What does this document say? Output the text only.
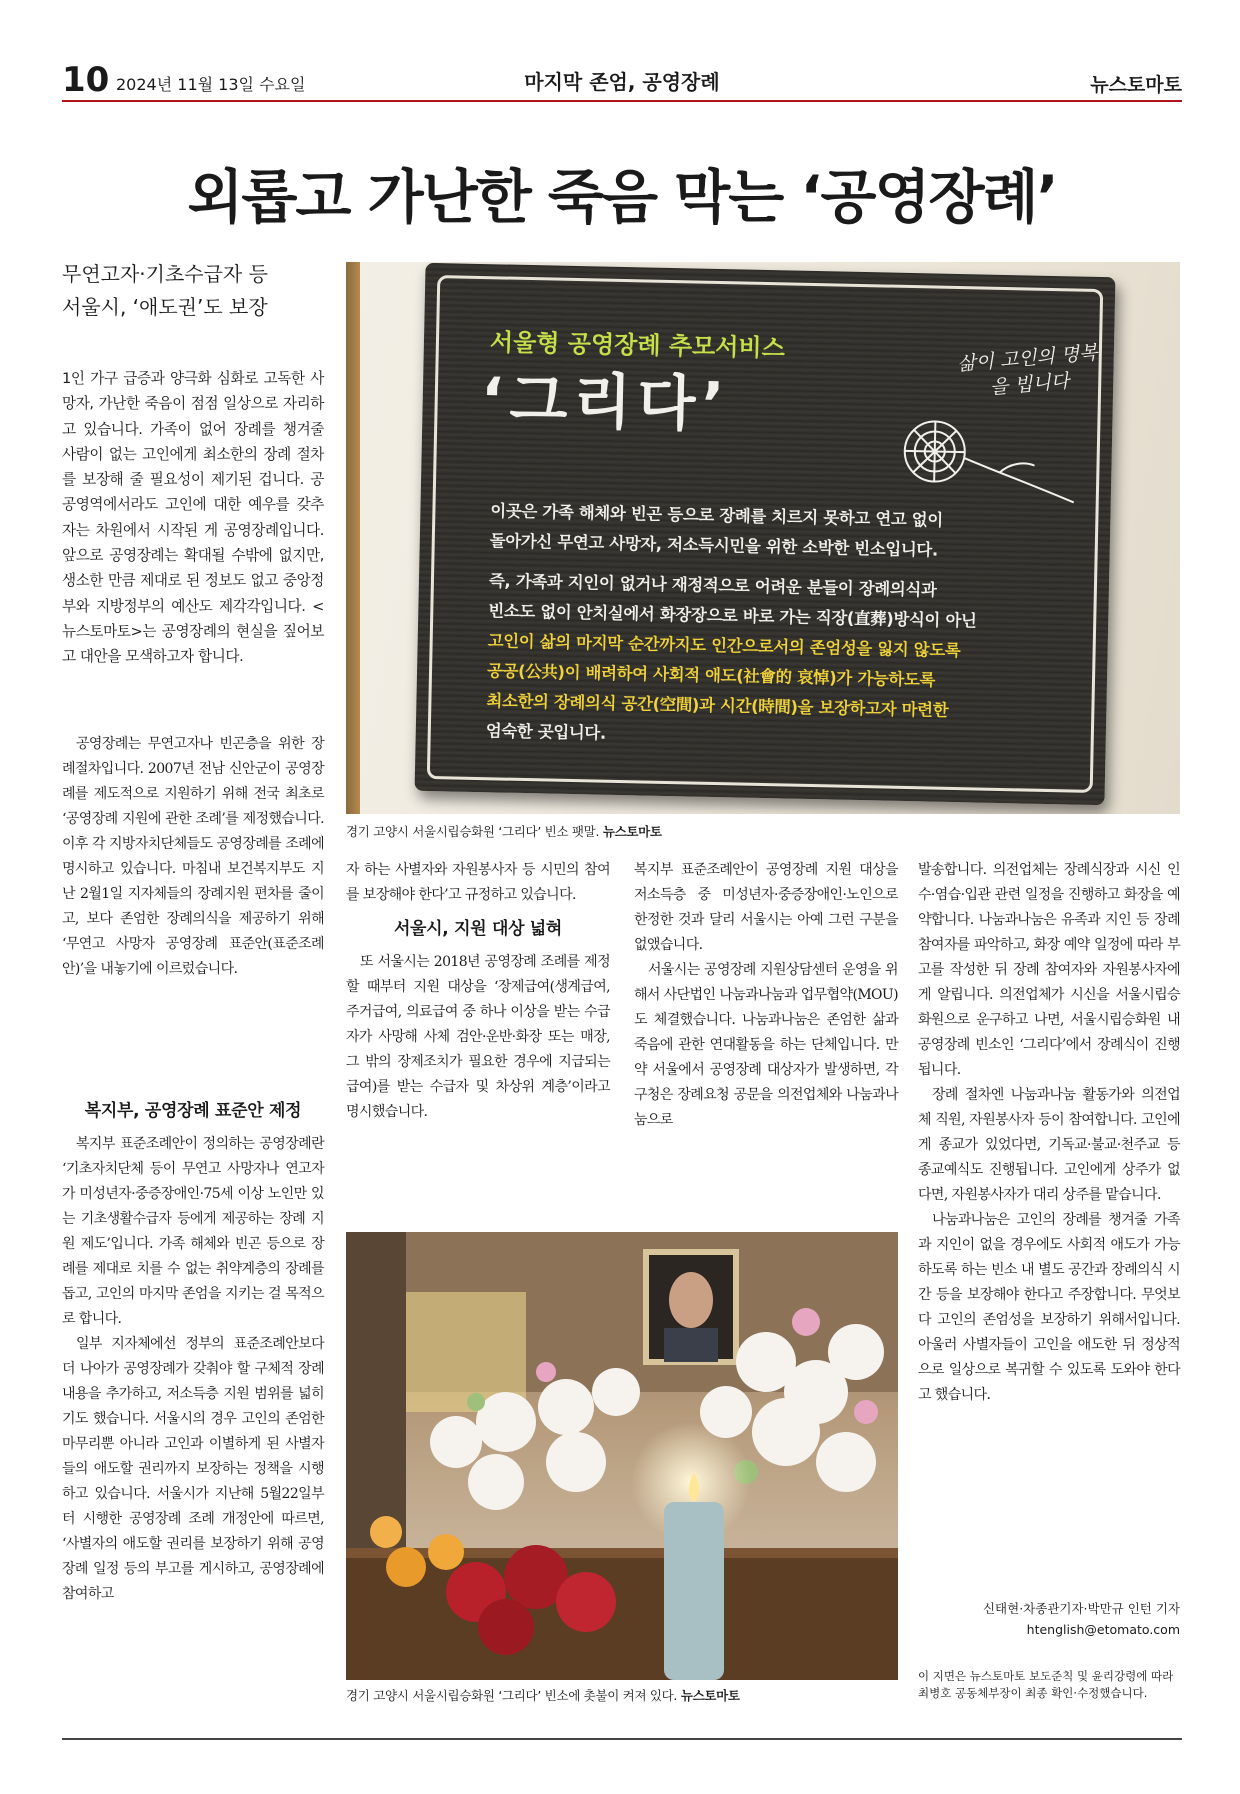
10 2024년 11월 13일 수요일	마지막 존엄, 공영장례	뉴스토마토
외롭고 가난한 죽음 막는 ‘공영장례’
무연고자·기초수급자 등
서울시, ‘애도권’도 보장

1인 가구 급증과 양극화 심화로 고독한 사망자, 가난한 죽음이 점점 일상으로 자리하고 있습니다. 가족이 없어 장례를 챙겨줄 사람이 없는 고인에게 최소한의 장례 절차를 보장해 줄 필요성이 제기된 겁니다. 공공영역에서라도 고인에 대한 예우를 갖추자는 차원에서 시작된 게 공영장례입니다. 앞으로 공영장례는 확대될 수밖에 없지만, 생소한 만큼 제대로 된 정보도 없고 중앙정부와 지방정부의 예산도 제각각입니다. <뉴스토마토>는 공영장례의 현실을 짚어보고 대안을 모색하고자 합니다.

공영장례는 무연고자나 빈곤층을 위한 장례절차입니다. 2007년 전남 신안군이 공영장례를 제도적으로 지원하기 위해 전국 최초로 ‘공영장례 지원에 관한 조례’를 제정했습니다. 이후 각 지방자치단체들도 공영장례를 조례에 명시하고 있습니다. 마침내 보건복지부도 지난 2월1일 지자체들의 장례지원 편차를 줄이고, 보다 존엄한 장례의식을 제공하기 위해 ‘무연고 사망자 공영장례 표준안(표준조례안)’을 내놓기에 이르렀습니다.

복지부, 공영장례 표준안 제정

복지부 표준조례안이 정의하는 공영장례란 ‘기초자치단체 등이 무연고 사망자나 연고자가 미성년자·중증장애인·75세 이상 노인만 있는 기초생활수급자 등에게 제공하는 장례 지원 제도’입니다. 가족 해체와 빈곤 등으로 장례를 제대로 치를 수 없는 취약계층의 장례를 돕고, 고인의 마지막 존엄을 지키는 걸 목적으로 합니다.

일부 지자체에선 정부의 표준조례안보다 더 나아가 공영장례가 갖춰야 할 구체적 장례 내용을 추가하고, 저소득층 지원 범위를 넓히기도 했습니다. 서울시의 경우 고인의 존엄한 마무리뿐 아니라 고인과 이별하게 된 사별자들의 애도할 권리까지 보장하는 정책을 시행하고 있습니다. 서울시가 지난해 5월22일부터 시행한 공영장례 조례 개정안에 따르면, ‘사별자의 애도할 권리를 보장하기 위해 공영장례 일정 등의 부고를 게시하고, 공영장례에 참여하고

서울형 공영장례 추모서비스
‘그리다’
삶이 고인의 명복을 빕니다
이곳은 가족 해체와 빈곤 등으로 장례를 치르지 못하고 연고 없이
돌아가신 무연고 사망자, 저소득시민을 위한 소박한 빈소입니다.
즉, 가족과 지인이 없거나 재정적으로 어려운 분들이 장례의식과
빈소도 없이 안치실에서 화장장으로 바로 가는 직장(直葬)방식이 아닌
고인이 삶의 마지막 순간까지도 인간으로서의 존엄성을 잃지 않도록
공공(公共)이 배려하여 사회적 애도(社會的 哀悼)가 가능하도록
최소한의 장례의식 공간(空間)과 시간(時間)을 보장하고자 마련한
엄숙한 곳입니다.
경기 고양시 서울시립승화원 ‘그리다’ 빈소 팻말. 뉴스토마토

자 하는 사별자와 자원봉사자 등 시민의 참여를 보장해야 한다’고 규정하고 있습니다.

서울시, 지원 대상 넓혀

또 서울시는 2018년 공영장례 조례를 제정할 때부터 지원 대상을 ‘장제급여(생계급여, 주거급여, 의료급여 중 하나 이상을 받는 수급자가 사망해 사체 검안·운반·화장 또는 매장, 그 밖의 장제조치가 필요한 경우에 지급되는 급여)를 받는 수급자 및 차상위 계층’이라고 명시했습니다.

복지부 표준조례안이 공영장례 지원 대상을 저소득층 중 미성년자·중증장애인·노인으로 한정한 것과 달리 서울시는 아예 그런 구분을 없앴습니다.

서울시는 공영장례 지원상담센터 운영을 위해서 사단법인 나눔과나눔과 업무협약(MOU)도 체결했습니다. 나눔과나눔은 존엄한 삶과 죽음에 관한 연대활동을 하는 단체입니다. 만약 서울에서 공영장례 대상자가 발생하면, 각 구청은 장례요청 공문을 의전업체와 나눔과나눔으로

발송합니다. 의전업체는 장례식장과 시신 인수·염습·입관 관련 일정을 진행하고 화장을 예약합니다. 나눔과나눔은 유족과 지인 등 장례 참여자를 파악하고, 화장 예약 일정에 따라 부고를 작성한 뒤 장례 참여자와 자원봉사자에게 알립니다. 의전업체가 시신을 서울시립승화원으로 운구하고 나면, 서울시립승화원 내 공영장례 빈소인 ‘그리다’에서 장례식이 진행됩니다.

장례 절차엔 나눔과나눔 활동가와 의전업체 직원, 자원봉사자 등이 참여합니다. 고인에게 종교가 있었다면, 기독교·불교·천주교 등 종교예식도 진행됩니다. 고인에게 상주가 없다면, 자원봉사자가 대리 상주를 맡습니다.

나눔과나눔은 고인의 장례를 챙겨줄 가족과 지인이 없을 경우에도 사회적 애도가 가능하도록 하는 빈소 내 별도 공간과 장례의식 시간 등을 보장해야 한다고 주장합니다. 무엇보다 고인의 존엄성을 보장하기 위해서입니다. 아울러 사별자들이 고인을 애도한 뒤 정상적으로 일상으로 복귀할 수 있도록 도와야 한다고 했습니다.

신태현·차종관기자·박만규 인턴 기자
htenglish@etomato.com
이 지면은 뉴스토마토 보도준칙 및 윤리강령에 따라 최병호 공동체부장이 최종 확인·수정했습니다.
경기 고양시 서울시립승화원 ‘그리다’ 빈소에 촛불이 켜져 있다. 뉴스토마토
